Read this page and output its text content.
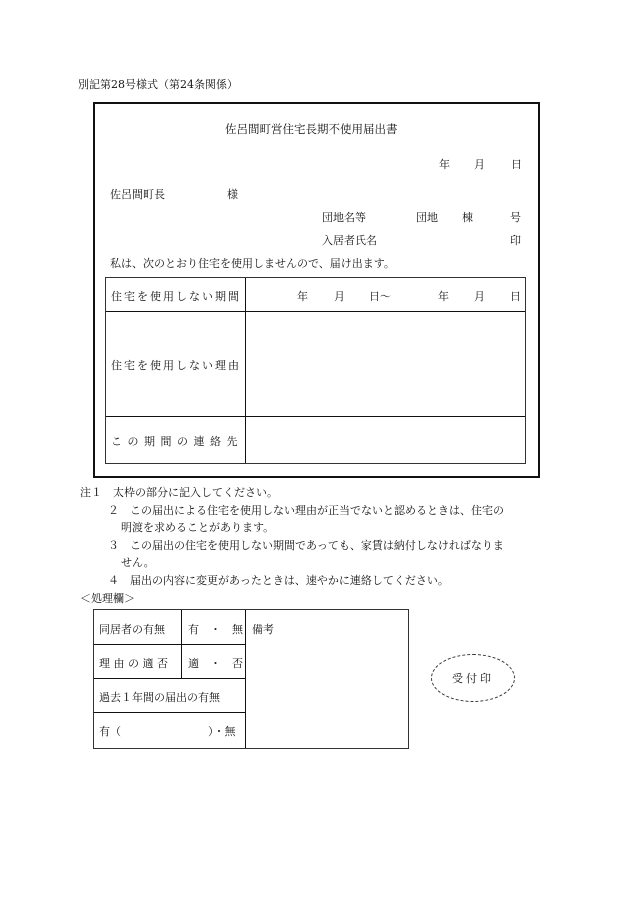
別記第28号様式（第24条関係）
佐呂間町営住宅長期不使用届出書
年 月 日
佐呂間町長	様
団地名等	団地 棟	号
入居者氏名	印
私は、次のとおり住宅を使用しませんので、届け出ます。
住宅を使用しない期間	年 月 日～	年 月 日
住宅を使用しない理由
この期間の連絡先
注１　太枠の部分に記入してください。
２　この届出による住宅を使用しない理由が正当でないと認めるときは、住宅の
明渡を求めることがあります。
３　この届出の住宅を使用しない期間であっても、家賃は納付しなければなりま
せん。
４　届出の内容に変更があったときは、速やかに連絡してください。
＜処理欄＞
同居者の有無 有　・　無 備考
理由の適否 適　・　否
過去１年間の届出の有無
有（	）・無
受付印
